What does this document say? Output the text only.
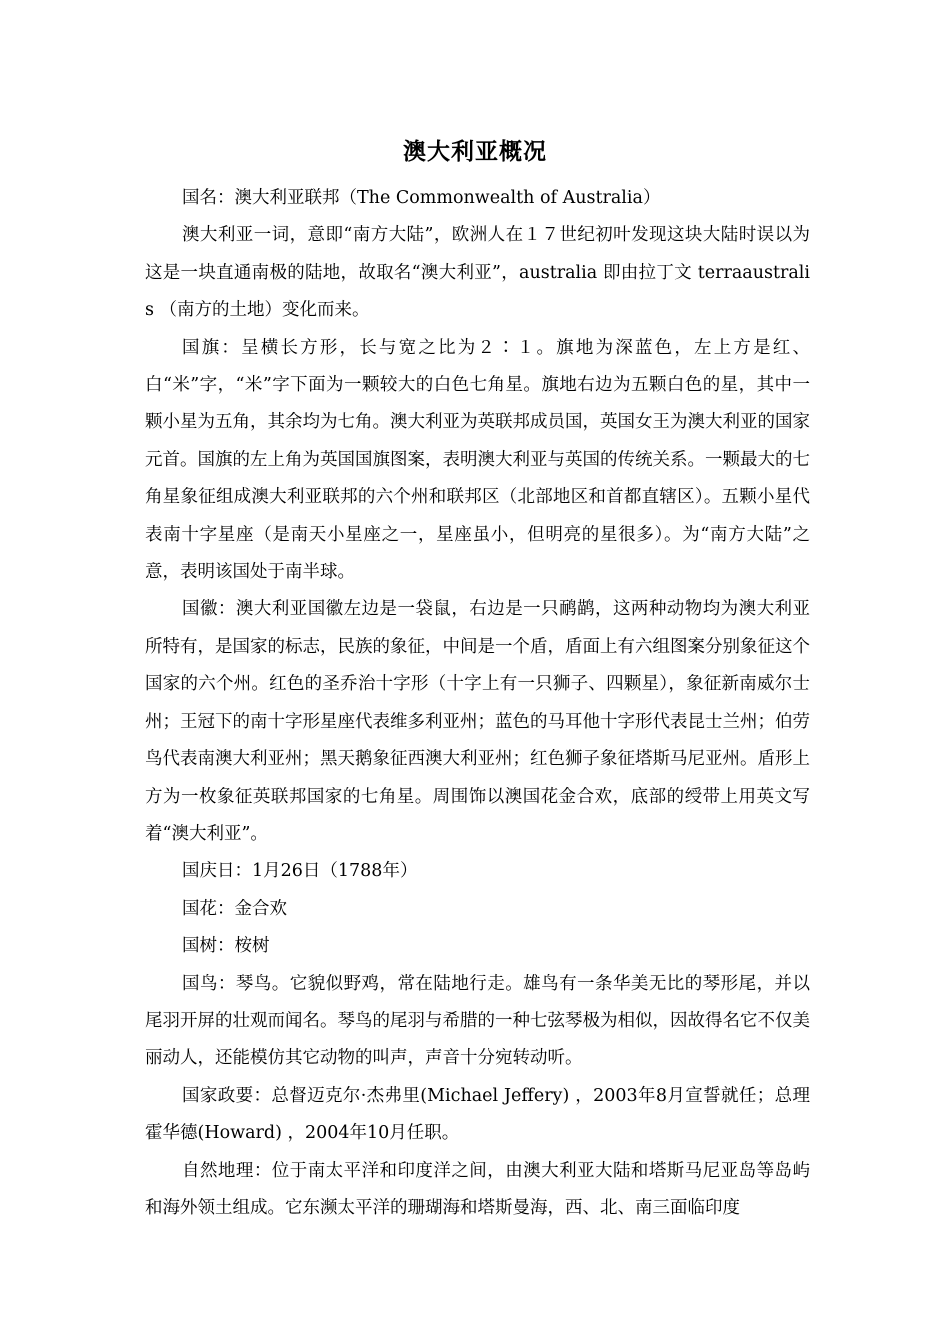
澳大利亚概况

国名：澳大利亚联邦（The Commonwealth of Australia）

澳大利亚一词，意即“南方大陆”，欧洲人在１７世纪初叶发现这块大陆时误以为这是一块直通南极的陆地，故取名“澳大利亚”，australia 即由拉丁文 terraaustralis （南方的土地）变化而来。

国旗：呈横长方形，长与宽之比为２∶１。旗地为深蓝色，左上方是红、白“米”字，“米”字下面为一颗较大的白色七角星。旗地右边为五颗白色的星，其中一颗小星为五角，其余均为七角。澳大利亚为英联邦成员国，英国女王为澳大利亚的国家元首。国旗的左上角为英国国旗图案，表明澳大利亚与英国的传统关系。一颗最大的七角星象征组成澳大利亚联邦的六个州和联邦区（北部地区和首都直辖区）。五颗小星代表南十字星座（是南天小星座之一，星座虽小，但明亮的星很多）。为“南方大陆”之意，表明该国处于南半球。

国徽：澳大利亚国徽左边是一袋鼠，右边是一只鸸鹋，这两种动物均为澳大利亚所特有，是国家的标志，民族的象征，中间是一个盾，盾面上有六组图案分别象征这个国家的六个州。红色的圣乔治十字形（十字上有一只狮子、四颗星），象征新南威尔士州；王冠下的南十字形星座代表维多利亚州；蓝色的马耳他十字形代表昆士兰州；伯劳鸟代表南澳大利亚州；黑天鹅象征西澳大利亚州；红色狮子象征塔斯马尼亚州。盾形上方为一枚象征英联邦国家的七角星。周围饰以澳国花金合欢，底部的绶带上用英文写着“澳大利亚”。

国庆日：1月26日（1788年）

国花：金合欢

国树：桉树

国鸟：琴鸟。它貌似野鸡，常在陆地行走。雄鸟有一条华美无比的琴形尾，并以尾羽开屏的壮观而闻名。琴鸟的尾羽与希腊的一种七弦琴极为相似，因故得名它不仅美丽动人，还能模仿其它动物的叫声，声音十分宛转动听。

国家政要：总督迈克尔·杰弗里(Michael Jeffery) ，2003年8月宣誓就任；总理霍华德(Howard) ，2004年10月任职。

自然地理：位于南太平洋和印度洋之间，由澳大利亚大陆和塔斯马尼亚岛等岛屿和海外领土组成。它东濒太平洋的珊瑚海和塔斯曼海，西、北、南三面临印度
